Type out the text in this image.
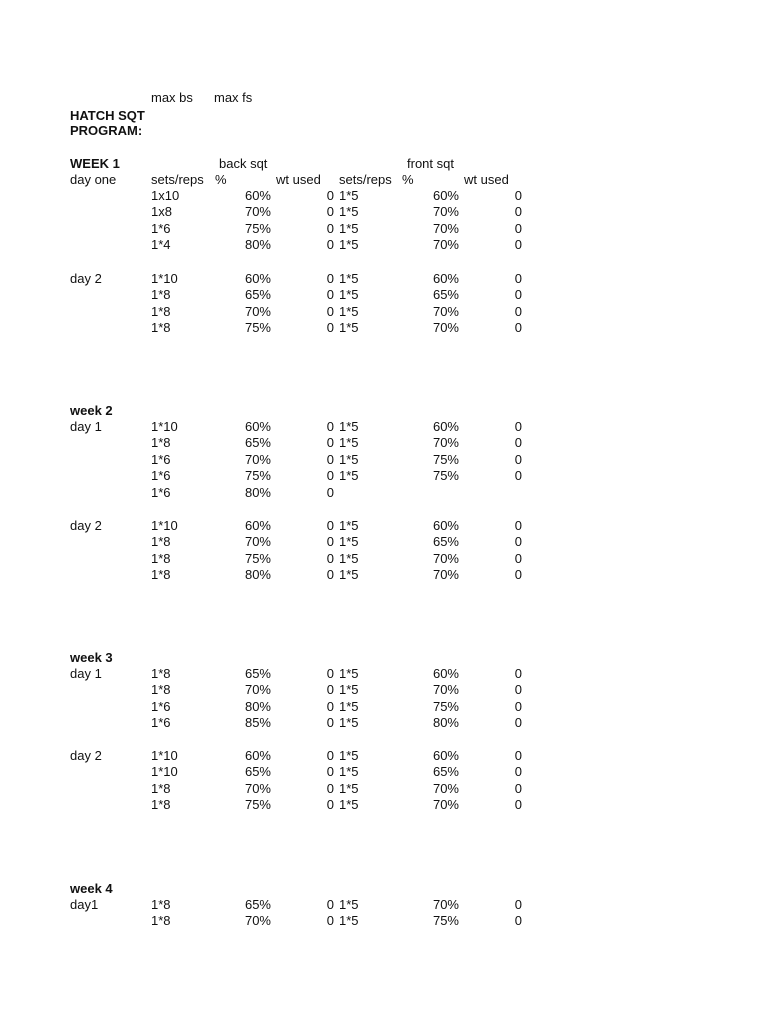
max bs max fs
HATCH SQT
PROGRAM:
back sqt	front sqt
sets/reps %	wt used sets/reps %	wt used
WEEK 1
day one
1x10	60%	0 1*5	60%	0
1x8	70%	0 1*5	70%	0
1*6	75%	0 1*5	70%	0
1*4	80%	0 1*5	70%	0
day 2	1*10	60%	0 1*5	60%	0
1*8	65%	0 1*5	65%	0
1*8	70%	0 1*5	70%	0
1*8	75%	0 1*5	70%	0
week 2
day 1	1*10	60%	0 1*5	60%	0
1*8	65%	0 1*5	70%	0
1*6	70%	0 1*5	75%	0
1*6	75%	0 1*5	75%	0
1*6	80%	0
day 2	1*10	60%	0 1*5	60%	0
1*8	70%	0 1*5	65%	0
1*8	75%	0 1*5	70%	0
1*8	80%	0 1*5	70%	0
week 3
day 1	1*8	65%	0 1*5	60%	0
1*8	70%	0 1*5	70%	0
1*6	80%	0 1*5	75%	0
1*6	85%	0 1*5	80%	0
day 2	1*10	60%	0 1*5	60%	0
1*10	65%	0 1*5	65%	0
1*8	70%	0 1*5	70%	0
1*8	75%	0 1*5	70%	0
week 4
day1	1*8	65%	0 1*5	70%	0
1*8	70%	0 1*5	75%	0
